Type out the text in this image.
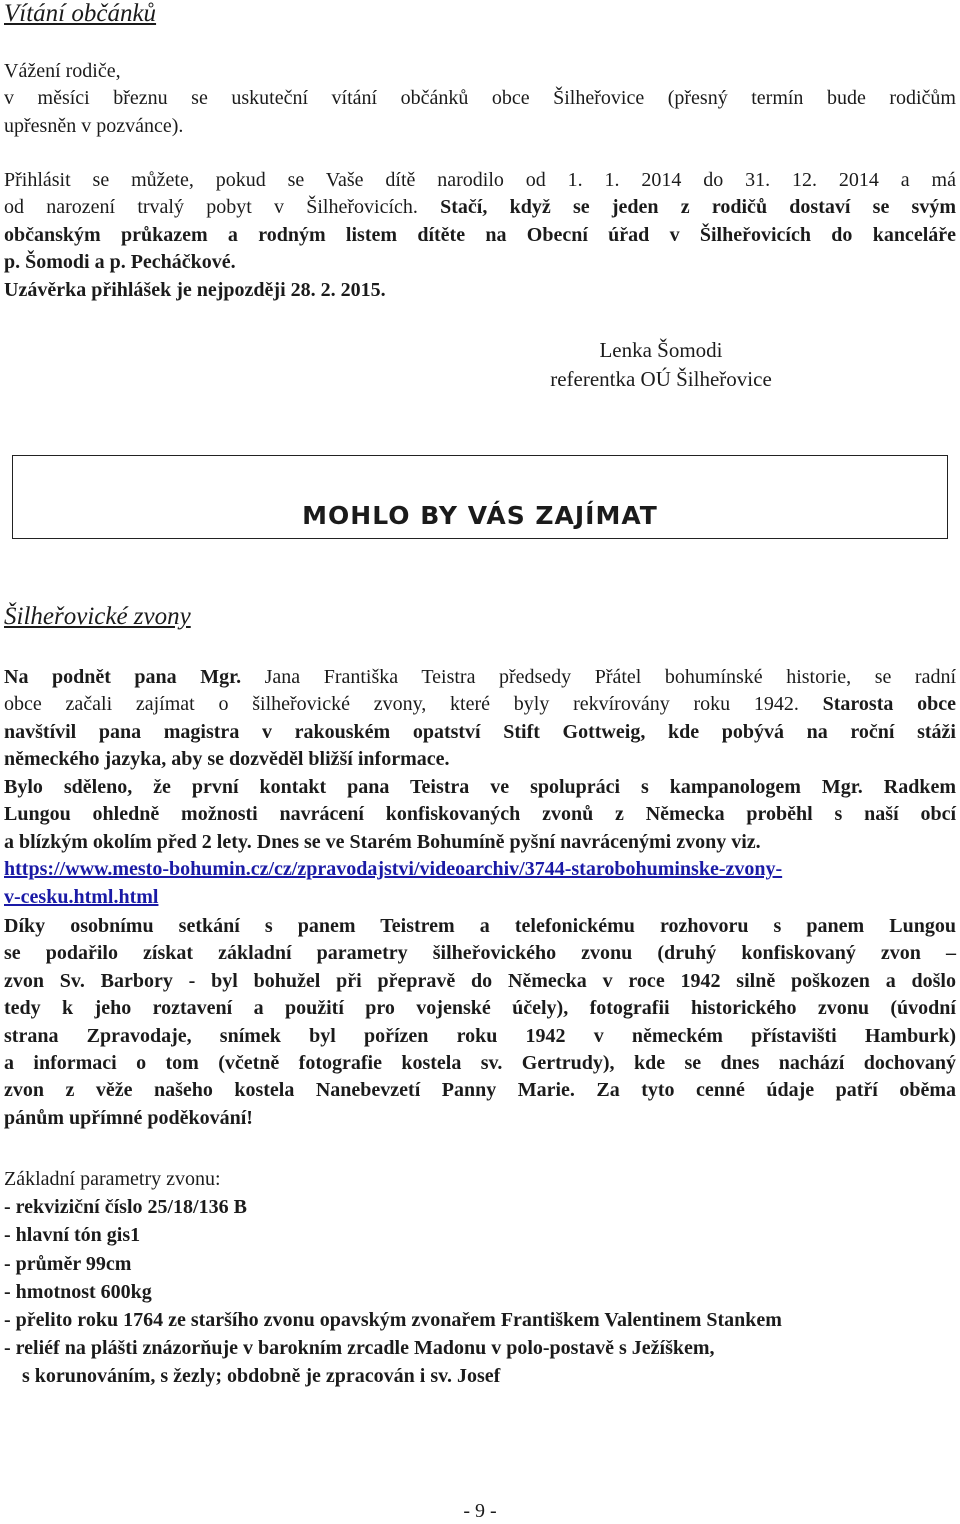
Vítání občánků
Vážení rodiče,
v měsíci březnu se uskuteční vítání občánků obce Šilheřovice (přesný termín bude rodičům
upřesněn v pozvánce).
Přihlásit se můžete, pokud se Vaše dítě narodilo od 1. 1. 2014 do 31. 12. 2014 a má
od narození trvalý pobyt v Šilheřovicích. Stačí, když se jeden z rodičů dostaví se svým
občanským průkazem a rodným listem dítěte na Obecní úřad v Šilheřovicích do kanceláře
p. Šomodi a p. Pecháčkové.
Uzávěrka přihlášek je nejpozději 28. 2. 2015.
Lenka Šomodi
referentka OÚ Šilheřovice
MOHLO BY VÁS ZAJÍMAT
Šilheřovické zvony
Na podnět pana Mgr. Jana Františka Teistra předsedy Přátel bohumínské historie, se radní
obce začali zajímat o šilheřovické zvony, které byly rekvírovány roku 1942. Starosta obce
navštívil pana magistra v rakouském opatství Stift Gottweig, kde pobývá na roční stáži
německého jazyka, aby se dozvěděl bližší informace.
Bylo sděleno, že první kontakt pana Teistra ve spolupráci s kampanologem Mgr. Radkem
Lungou ohledně možnosti navrácení konfiskovaných zvonů z Německa proběhl s naší obcí
a blízkým okolím před 2 lety. Dnes se ve Starém Bohumíně pyšní navrácenými zvony viz.
https://www.mesto-bohumin.cz/cz/zpravodajstvi/videoarchiv/3744-starobohuminske-zvony-
v-cesku.html.html
Díky osobnímu setkání s panem Teistrem a telefonickému rozhovoru s panem Lungou
se podařilo získat základní parametry šilheřovického zvonu (druhý konfiskovaný zvon –
zvon Sv. Barbory - byl bohužel při přepravě do Německa v roce 1942 silně poškozen a došlo
tedy k jeho roztavení a použití pro vojenské účely), fotografii historického zvonu (úvodní
strana Zpravodaje, snímek byl pořízen roku 1942 v německém přístavišti Hamburk)
a informaci o tom (včetně fotografie kostela sv. Gertrudy), kde se dnes nachází dochovaný
zvon z věže našeho kostela Nanebevzetí Panny Marie. Za tyto cenné údaje patří oběma
pánům upřímné poděkování!
Základní parametry zvonu:
- rekviziční číslo 25/18/136 B
- hlavní tón gis1
- průměr 99cm
- hmotnost 600kg
- přelito roku 1764 ze staršího zvonu opavským zvonařem Františkem Valentinem Stankem
- reliéf na plášti znázorňuje v barokním zrcadle Madonu v polo-postavě s Ježíškem,
s korunováním, s žezly; obdobně je zpracován i sv. Josef
- 9 -
